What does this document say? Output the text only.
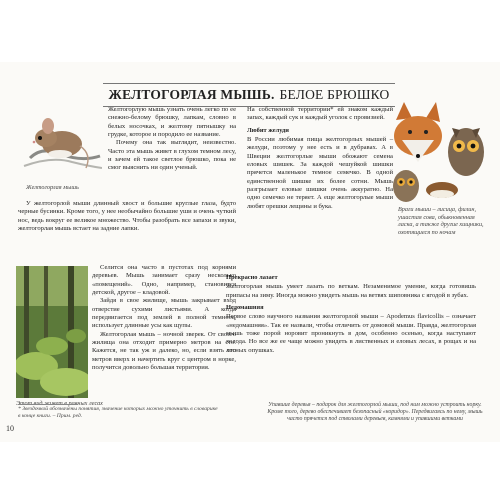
ЖЕЛТОГОРЛАЯ МЫШЬ. БЕЛОЕ БРЮШКО
Желтогорлая мышь

Желтогорлую мышь узнать очень легко по ее снежно-белому брюшку, лапкам, словно в белых носочках, и желтому пятнышку на грудке, которое и породило ее название.

Почему она так выглядит, неизвестно. Часто эта мышь живет в глухом темном лесу, и зачем ей такое светлое брюшко, пока не смог выяснить ни один ученый.

У желтогорлой мыши длинный хвост и большие круглые глаза, будто черные бусинки. Кроме того, у нее необычайно большие уши и очень чуткий нос, ведь вокруг ее великое множество. Чтобы разобрать все запахи и звуки, желтогорлая мышь встает на задние лапки.

Этот вид живет в равных лесах

Селится она часто в пустотах под корнями деревьев. Мышь занимает сразу несколько «помещений». Одно, например, становится детской, другое – кладовой.

Зайдя в свое жилище, мышь закрывает вход отверстие сухими листьями. А когда передвигается под землей в полной темноте, использует длинные усы как щупы.

Желтогорлая мышь – ночной зверек. От своего жилища она отходит примерно метров на сто. Кажется, не так уж и далеко, но, если взять сто метров вверх и начертить круг с центром в норке, получится довольно большая территория.

На собственной территории* ей знаком каждый запах, каждый сук и каждый уголок с провизией.

Любит желуди

В России любимая пища желтогорлых мышей – желуди, поэтому у нее есть и в дубравах. А в Швеции желтогорлые мыши обожают семена еловых шишек. За каждой чешуйкой шишки прячется маленькое темное семечко. В одной единственной шишке их более сотни. Мышь разгрызает еловые шишки очень аккуратно. На одно семечко не теряет. А еще желтогорлые мыши любят орешки лещины и бука.

Прекрасно лазает

Желтогорлая мышь умеет лазать по веткам. Незаменимое умение, когда готовишь припасы на зиму. Иногда можно увидеть мышь на ветвях шиповника с ягодой в зубах.

Недомашняя

Первое слово научного названия желтогорлой мыши – Apodemus flavicollis – означает «недомашняя». Так ее назвали, чтобы отличить от домовой мыши. Правда, желтогорлая мышь тоже порой норовит проникнуть в дом, особенно осенью, когда наступают холода. Но все же ее чаще можно увидеть в лиственных и еловых лесах, в рощах и на лесных опушках.

Враги мыши – лисица, филин, ушастая сова, обыкновенная ласка, а также другие хищники, охотящиеся по ночам
* Звездочкой обозначены понятия, значение которых можно уточнить в словарике в конце книги. – Прим. ред.
Упавшие деревья – подарок для желтогорлой мыши, под ним можно устроить норку. Кроме того, дерево обеспечивает безопасный «коридор». Передвигаясь по нему, мышь часто прячется под стволами деревьев, камнями и упавшими ветками
10
